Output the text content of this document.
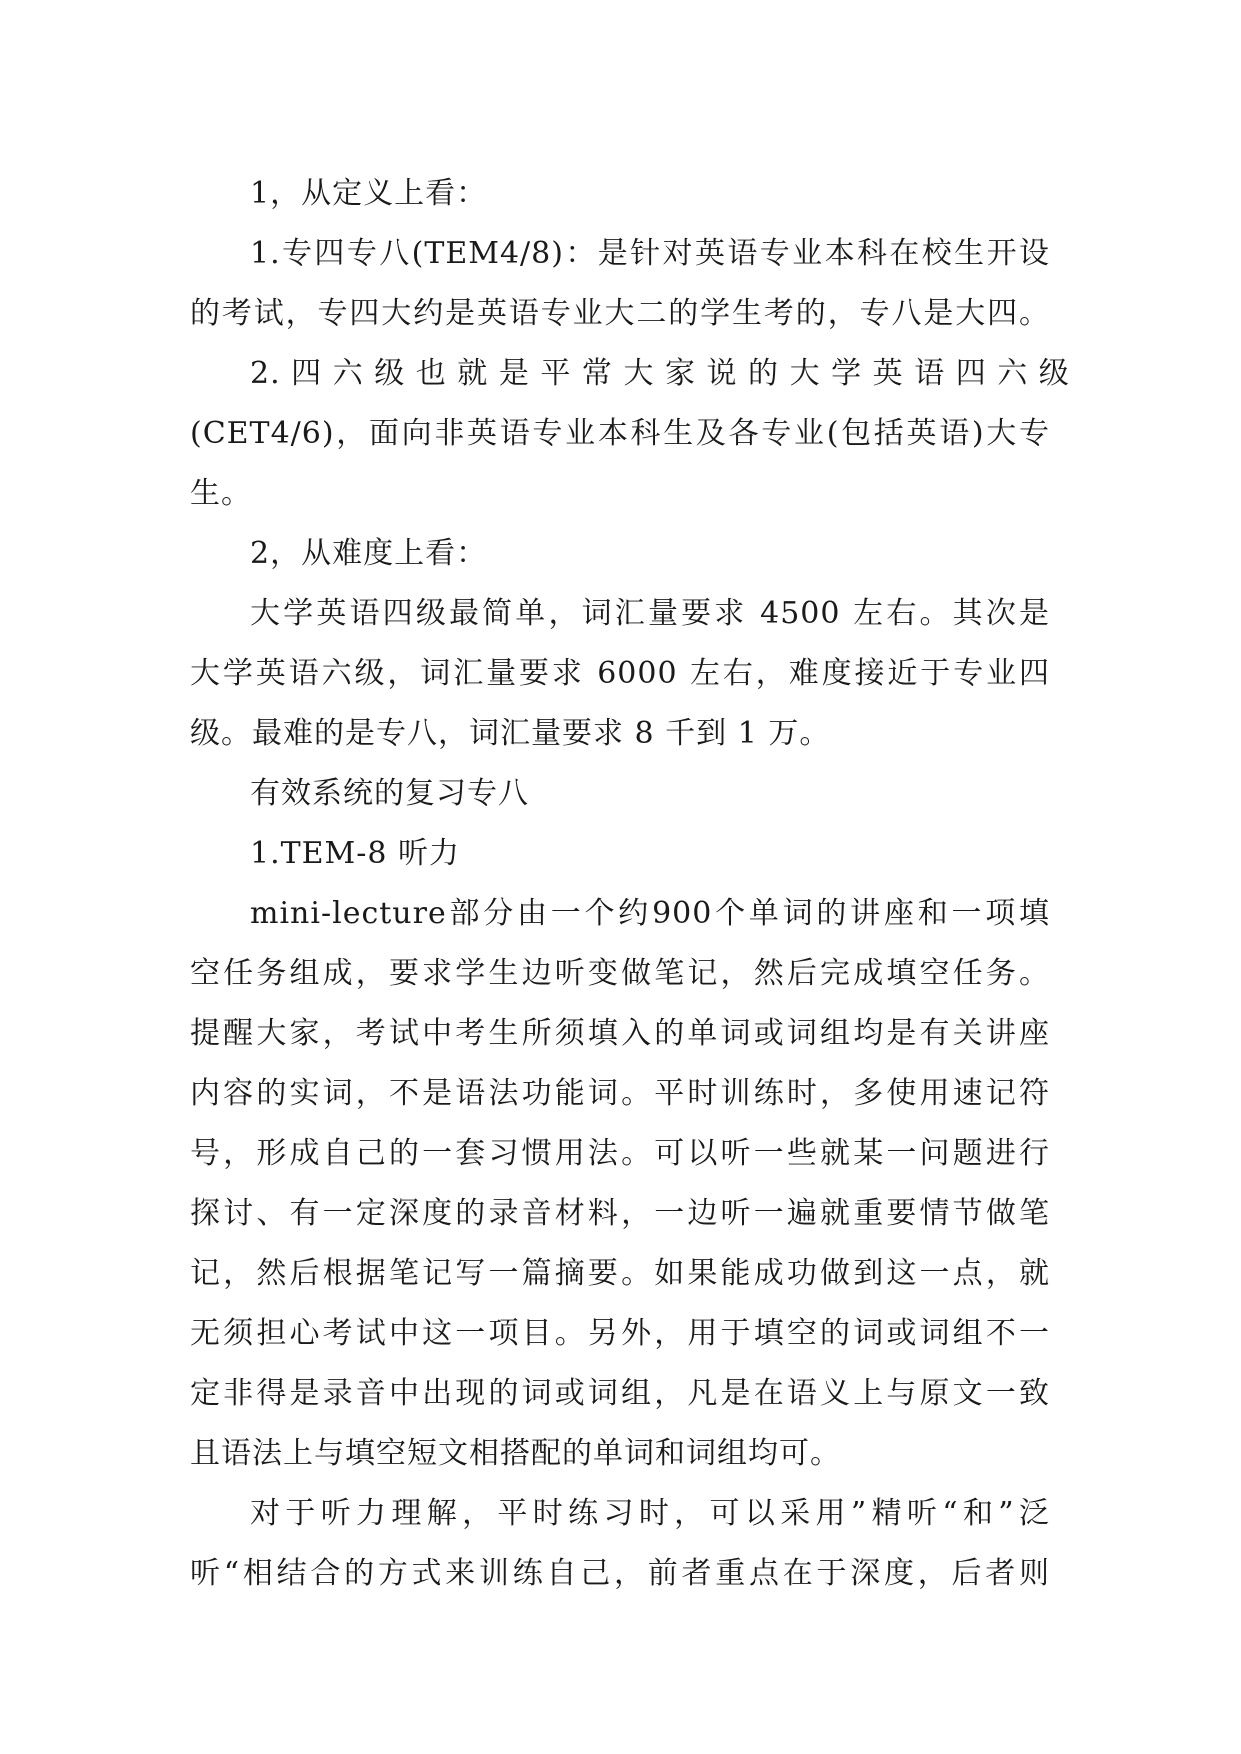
1，从定义上看：
1.专四专八(TEM4/8)：是针对英语专业本科在校生开设
的考试，专四大约是英语专业大二的学生考的，专八是大四。
2. 四 六 级 也 就 是 平 常 大 家 说 的 大 学 英 语 四 六 级
(CET4/6)，面向非英语专业本科生及各专业(包括英语)大专
生。
2，从难度上看：
大学英语四级最简单，词汇量要求 4500 左右。其次是
大学英语六级，词汇量要求 6000 左右，难度接近于专业四
级。最难的是专八，词汇量要求 8 千到 1 万。
有效系统的复习专八
1.TEM-8 听力
mini-lecture部分由一个约900个单词的讲座和一项填
空任务组成，要求学生边听变做笔记，然后完成填空任务。
提醒大家，考试中考生所须填入的单词或词组均是有关讲座
内容的实词，不是语法功能词。平时训练时，多使用速记符
号，形成自己的一套习惯用法。可以听一些就某一问题进行
探讨、有一定深度的录音材料，一边听一遍就重要情节做笔
记，然后根据笔记写一篇摘要。如果能成功做到这一点，就
无须担心考试中这一项目。另外，用于填空的词或词组不一
定非得是录音中出现的词或词组，凡是在语义上与原文一致
且语法上与填空短文相搭配的单词和词组均可。
对于听力理解，平时练习时，可以采用”精听“和”泛
听“相结合的方式来训练自己，前者重点在于深度，后者则
